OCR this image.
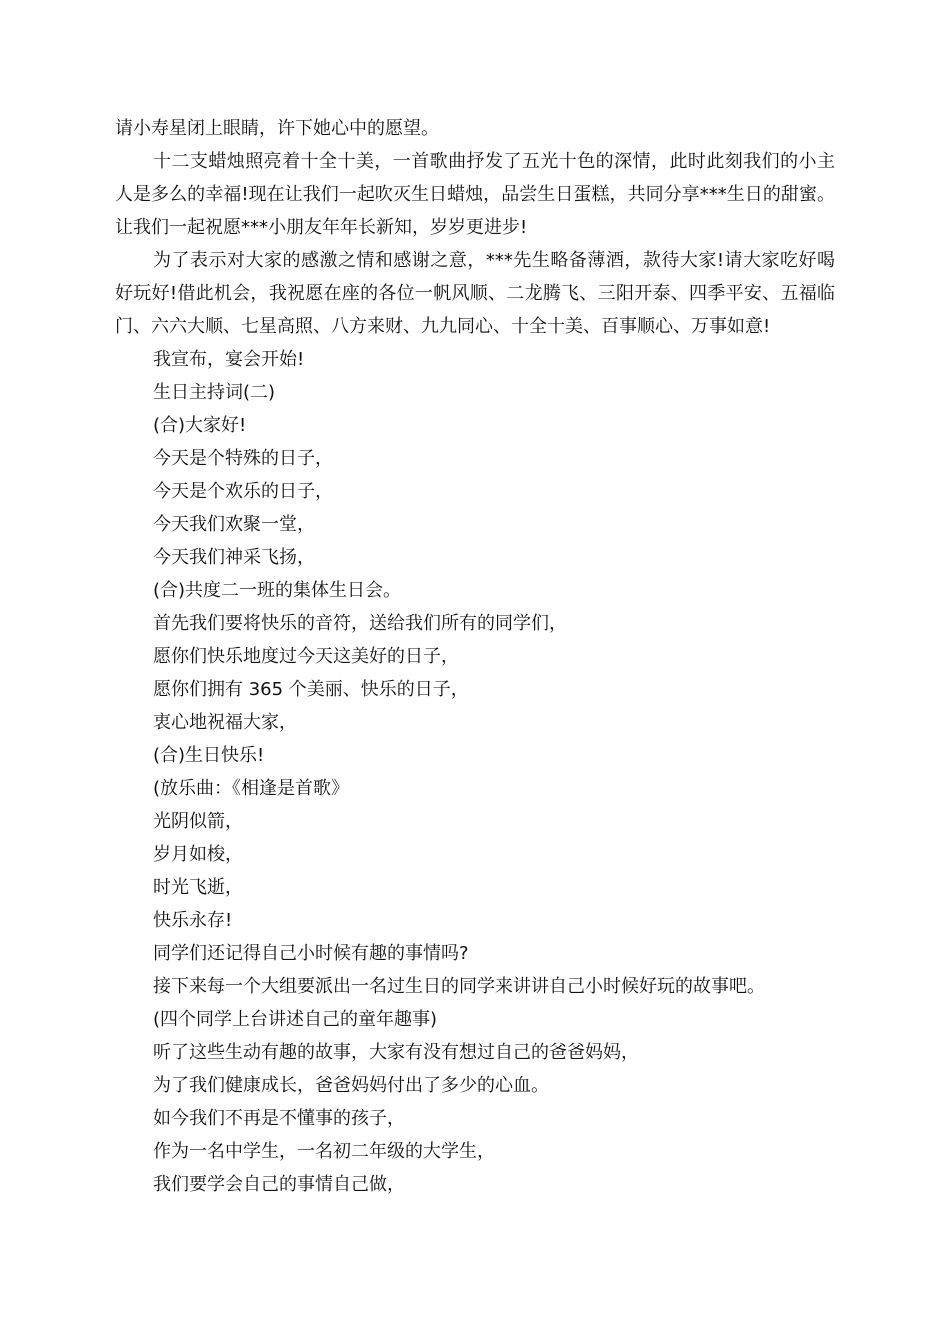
请小寿星闭上眼睛，许下她心中的愿望。

十二支蜡烛照亮着十全十美，一首歌曲抒发了五光十色的深情，此时此刻我们的小主人是多么的幸福!现在让我们一起吹灭生日蜡烛，品尝生日蛋糕，共同分享***生日的甜蜜。让我们一起祝愿***小朋友年年长新知，岁岁更进步!

为了表示对大家的感激之情和感谢之意，***先生略备薄酒，款待大家!请大家吃好喝好玩好!借此机会，我祝愿在座的各位一帆风顺、二龙腾飞、三阳开泰、四季平安、五福临门、六六大顺、七星高照、八方来财、九九同心、十全十美、百事顺心、万事如意!

我宣布，宴会开始!

生日主持词(二)

(合)大家好!

今天是个特殊的日子，

今天是个欢乐的日子，

今天我们欢聚一堂，

今天我们神采飞扬，

(合)共度二一班的集体生日会。

首先我们要将快乐的音符，送给我们所有的同学们，

愿你们快乐地度过今天这美好的日子，

愿你们拥有 365 个美丽、快乐的日子，

衷心地祝福大家，

(合)生日快乐!

(放乐曲：《相逢是首歌》

光阴似箭，

岁月如梭，

时光飞逝，

快乐永存!

同学们还记得自己小时候有趣的事情吗?

接下来每一个大组要派出一名过生日的同学来讲讲自己小时候好玩的故事吧。

(四个同学上台讲述自己的童年趣事)

听了这些生动有趣的故事，大家有没有想过自己的爸爸妈妈，

为了我们健康成长，爸爸妈妈付出了多少的心血。

如今我们不再是不懂事的孩子，

作为一名中学生，一名初二年级的大学生，

我们要学会自己的事情自己做，
